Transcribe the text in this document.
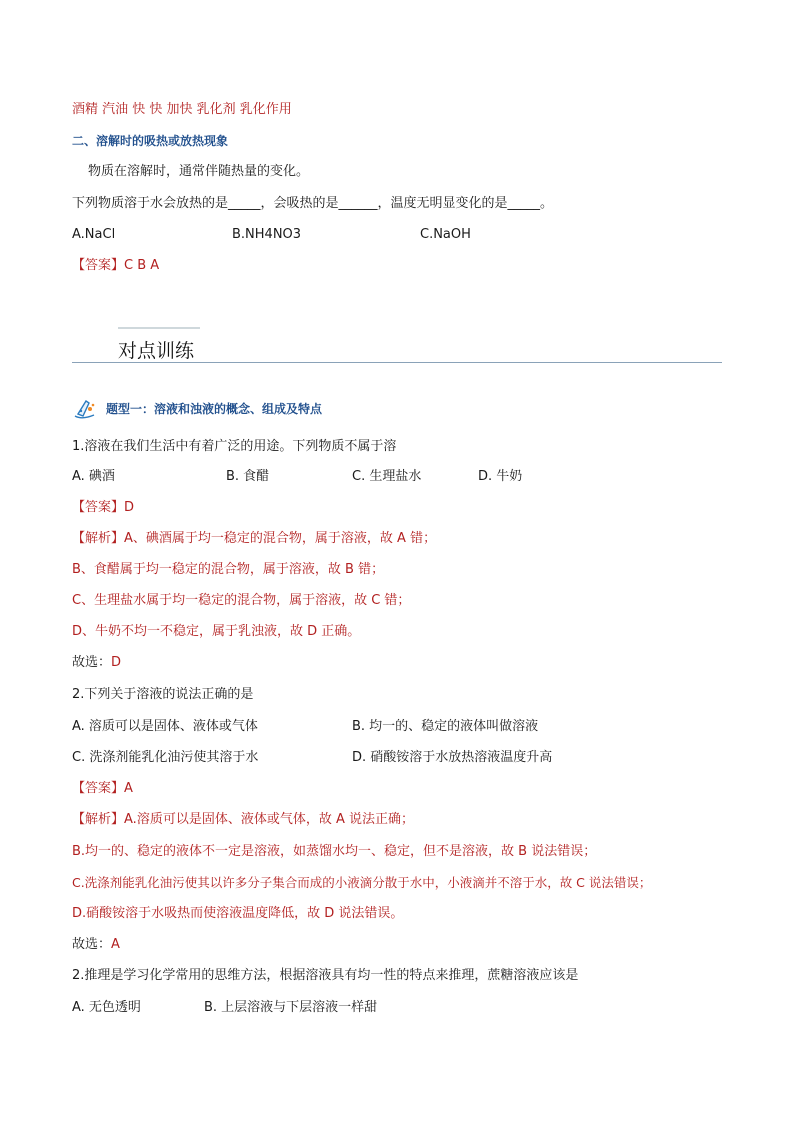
酒精 汽油 快 快 加快 乳化剂 乳化作用
二、溶解时的吸热或放热现象
物质在溶解时，通常伴随热量的变化。
下列物质溶于水会放热的是_____，会吸热的是______，温度无明显变化的是_____。
A.NaCl	B.NH4NO3	C.NaOH
【答案】C B A
对点训练
题型一：溶液和浊液的概念、组成及特点
1.溶液在我们生活中有着广泛的用途。下列物质不属于溶
A. 碘酒	B. 食醋	C. 生理盐水	D. 牛奶
【答案】D
【解析】A、碘酒属于均一稳定的混合物，属于溶液，故 A 错；
B、食醋属于均一稳定的混合物，属于溶液，故 B 错；
C、生理盐水属于均一稳定的混合物，属于溶液，故 C 错；
D、牛奶不均一不稳定，属于乳浊液，故 D 正确。
故选：D
2.下列关于溶液的说法正确的是
A. 溶质可以是固体、液体或气体	B. 均一的、稳定的液体叫做溶液
C. 洗涤剂能乳化油污使其溶于水	D. 硝酸铵溶于水放热溶液温度升高
【答案】A
【解析】A.溶质可以是固体、液体或气体，故 A 说法正确；
B.均一的、稳定的液体不一定是溶液，如蒸馏水均一、稳定，但不是溶液，故 B 说法错误；
C.洗涤剂能乳化油污使其以许多分子集合而成的小液滴分散于水中，小液滴并不溶于水，故 C 说法错误；
D.硝酸铵溶于水吸热而使溶液温度降低，故 D 说法错误。
故选：A
2.推理是学习化学常用的思维方法，根据溶液具有均一性的特点来推理，蔗糖溶液应该是
A. 无色透明	B. 上层溶液与下层溶液一样甜
